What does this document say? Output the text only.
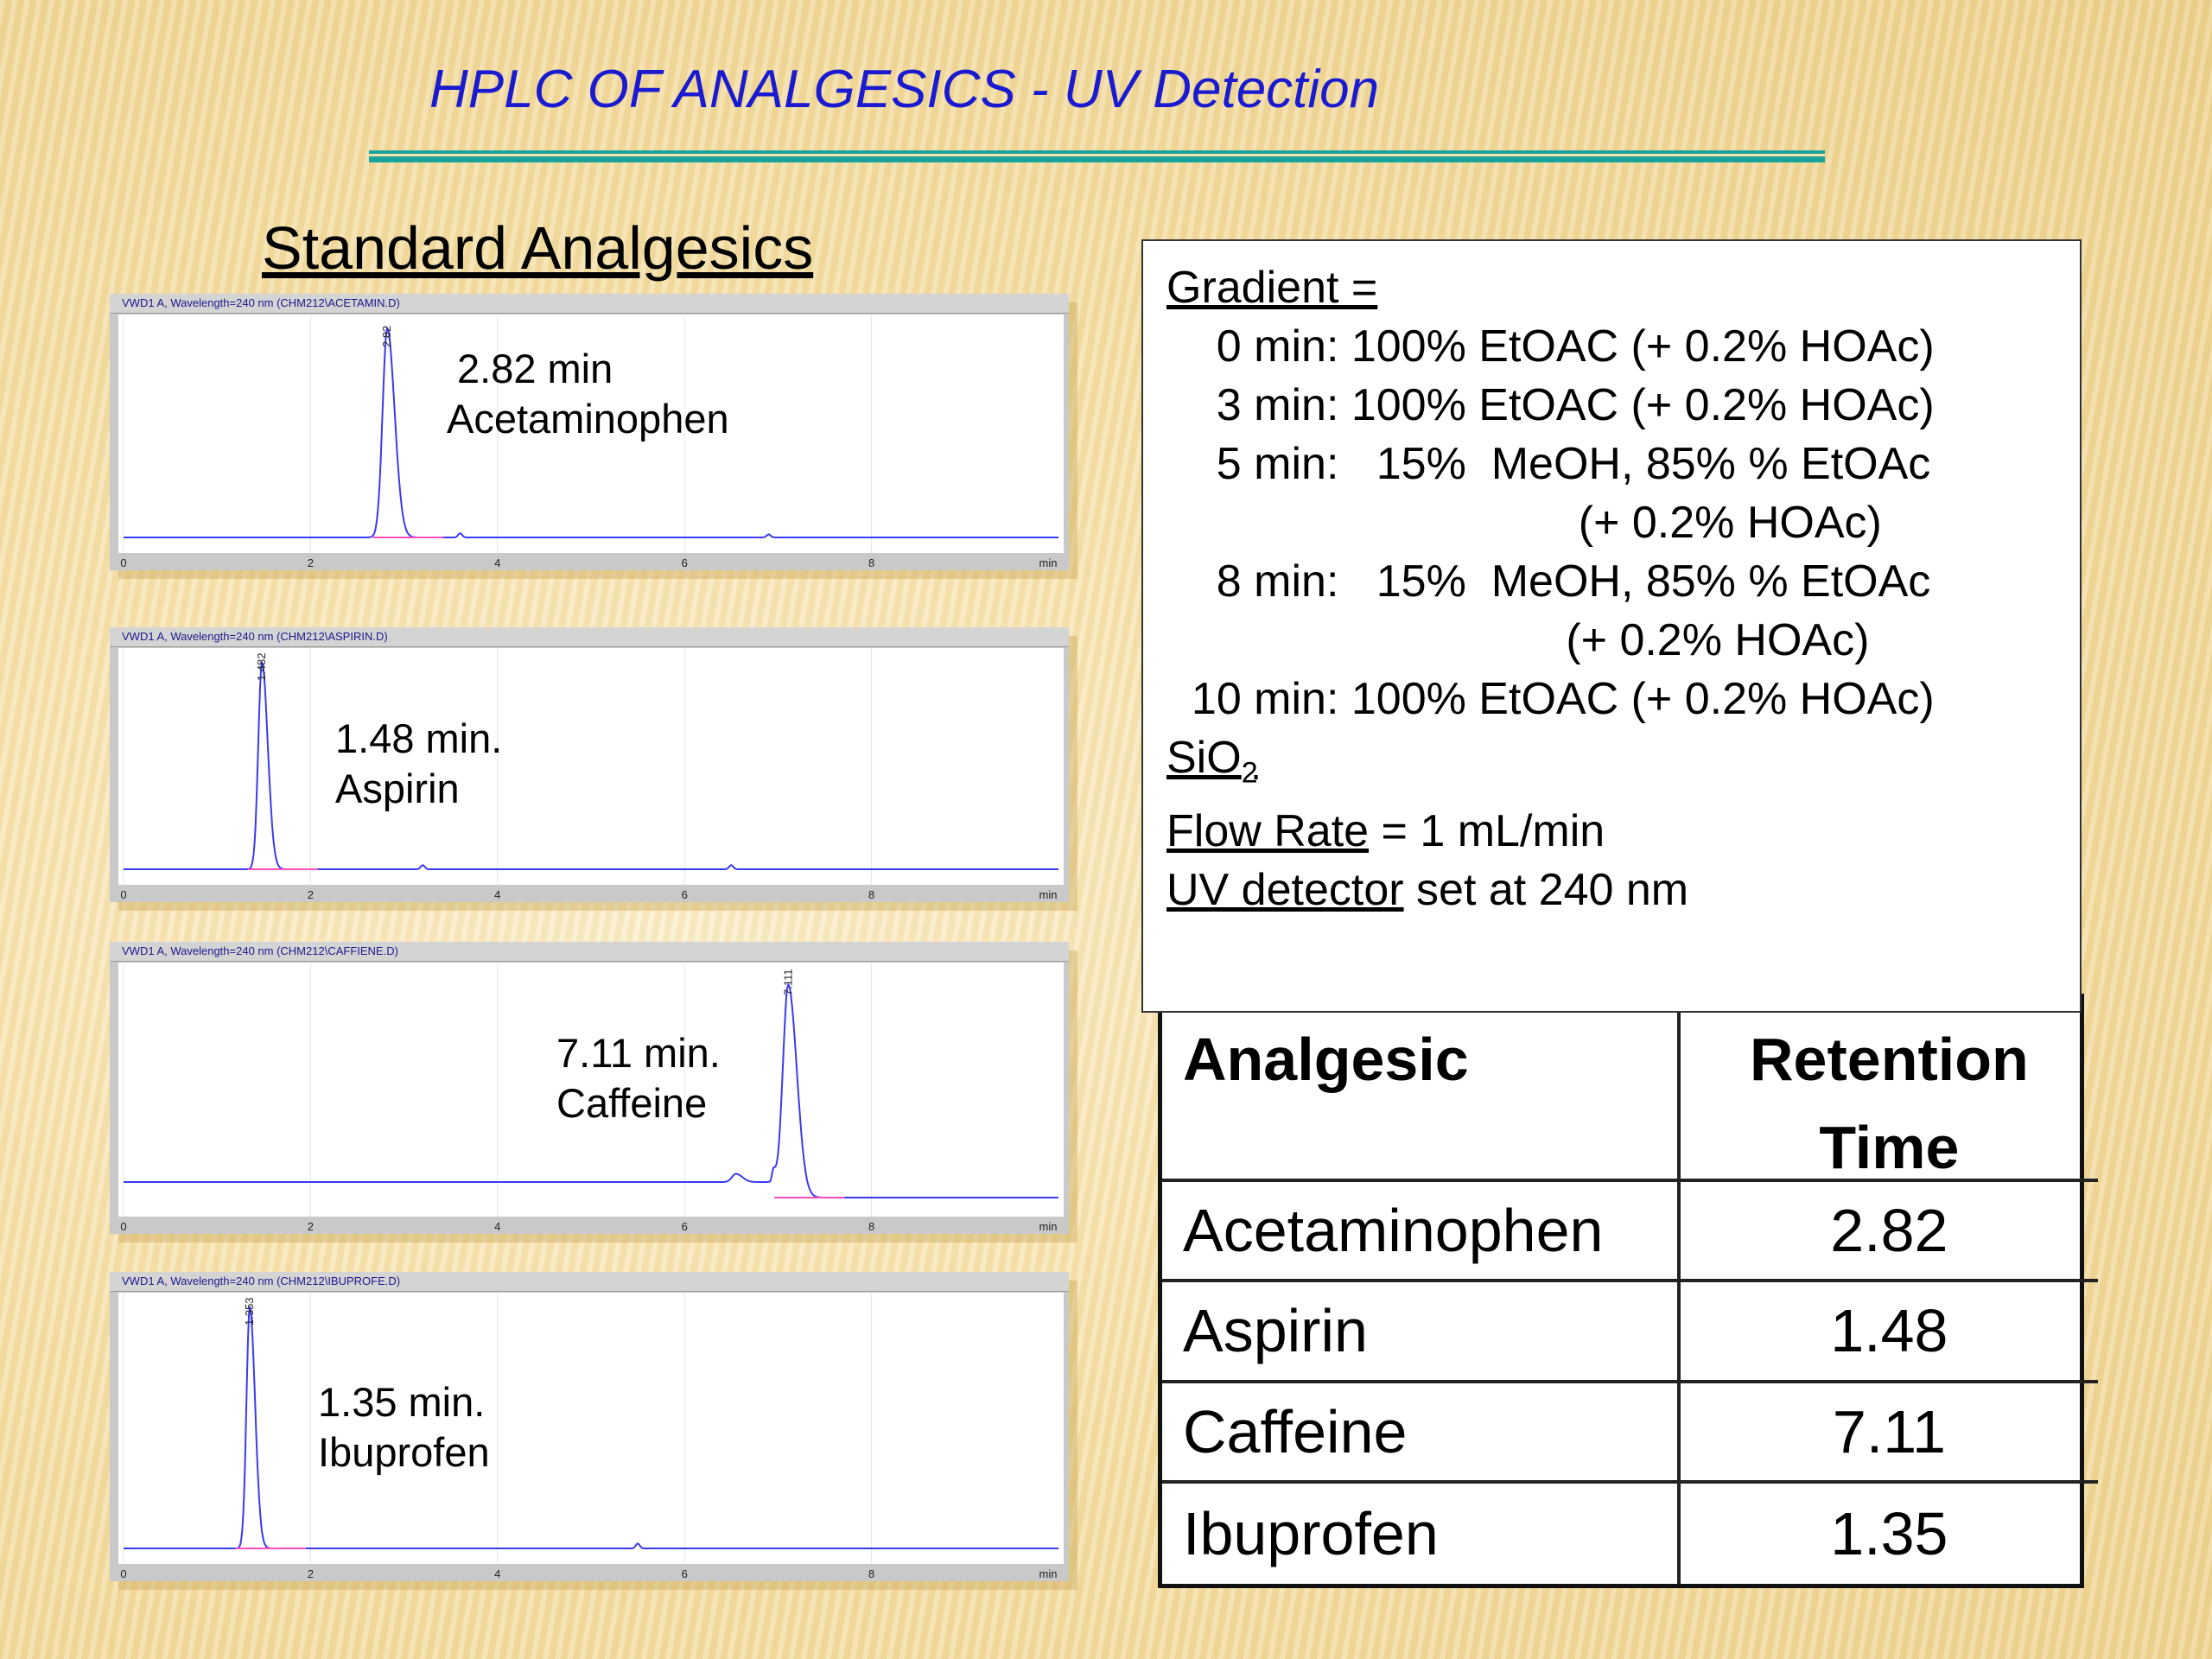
HPLC OF ANALGESICS - UV Detection
Standard Analgesics
VWD1 A, Wavelength=240 nm (CHM212\ACETAMIN.D)
2.82
0	2	4	6	8	min
2.82 min
Acetaminophen
VWD1 A, Wavelength=240 nm (CHM212\ASPIRIN.D)
1.482
0	2	4	6	8	min
1.48 min.
Aspirin
VWD1 A, Wavelength=240 nm (CHM212\CAFFIENE.D)
7.111
0	2	4	6	8	min
7.11 min.
Caffeine
VWD1 A, Wavelength=240 nm (CHM212\IBUPROFE.D)
1.353
0	2	4	6	8	min
1.35 min.
Ibuprofen
Analgesic	Retention Time
Acetaminophen	2.82
Aspirin	1.48
Caffeine	7.11
Ibuprofen	1.35
Gradient =
0 min: 100% EtOAC (+ 0.2% HOAc)
3 min: 100% EtOAC (+ 0.2% HOAc)
5 min:   15%  MeOH, 85% % EtOAc
(+ 0.2% HOAc)
8 min:   15%  MeOH, 85% % EtOAc
(+ 0.2% HOAc)
10 min: 100% EtOAC (+ 0.2% HOAc)
SiO$_2$
Flow Rate = 1 mL/min
UV detector set at 240 nm
